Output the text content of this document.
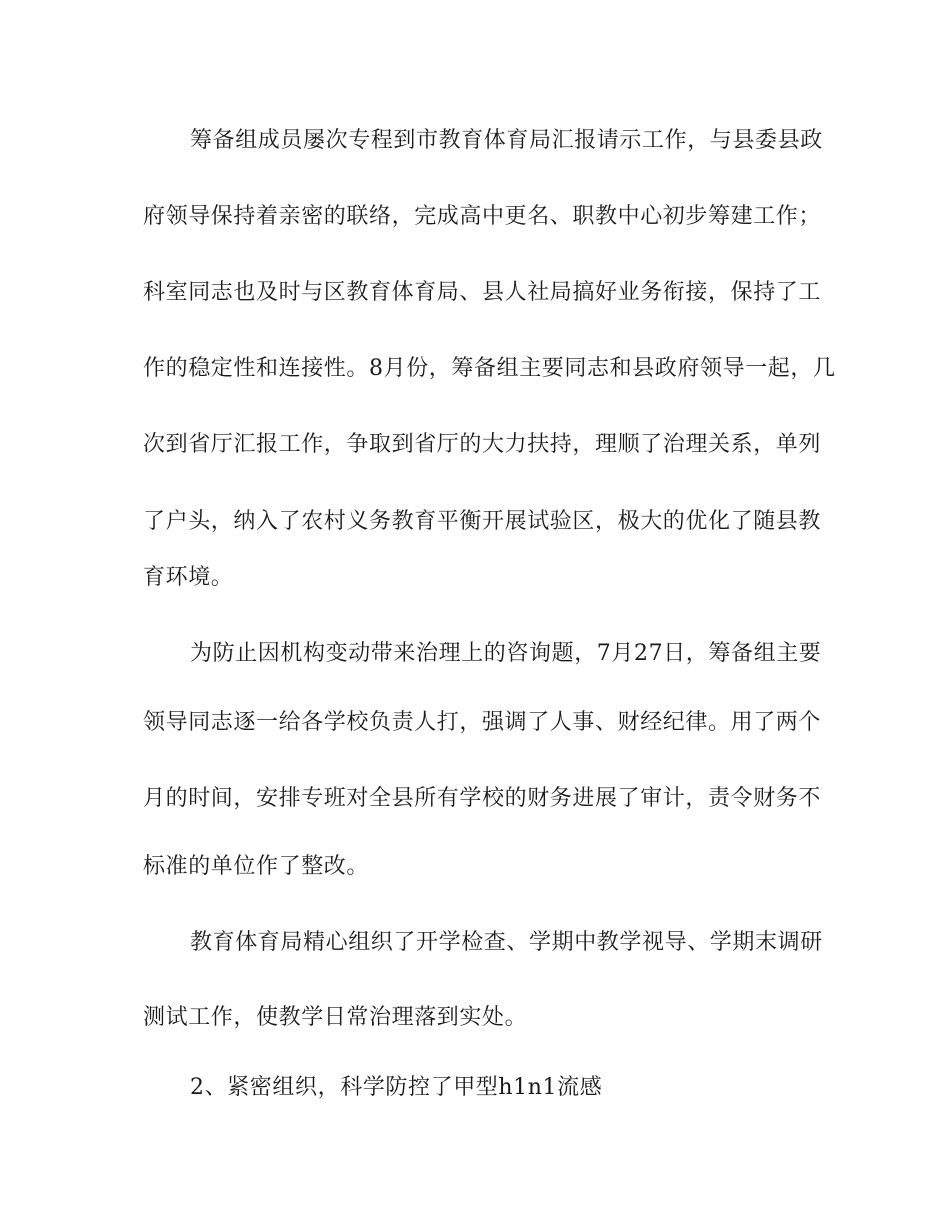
筹备组成员屡次专程到市教育体育局汇报请示工作，与县委县政
府领导保持着亲密的联络，完成高中更名、职教中心初步筹建工作；
科室同志也及时与区教育体育局、县人社局搞好业务衔接，保持了工
作的稳定性和连接性。8月份，筹备组主要同志和县政府领导一起，几
次到省厅汇报工作，争取到省厅的大力扶持，理顺了治理关系，单列
了户头，纳入了农村义务教育平衡开展试验区，极大的优化了随县教
育环境。
为防止因机构变动带来治理上的咨询题，7月27日，筹备组主要
领导同志逐一给各学校负责人打，强调了人事、财经纪律。用了两个
月的时间，安排专班对全县所有学校的财务进展了审计，责令财务不
标准的单位作了整改。
教育体育局精心组织了开学检查、学期中教学视导、学期末调研
测试工作，使教学日常治理落到实处。
2、紧密组织，科学防控了甲型h1n1流感
